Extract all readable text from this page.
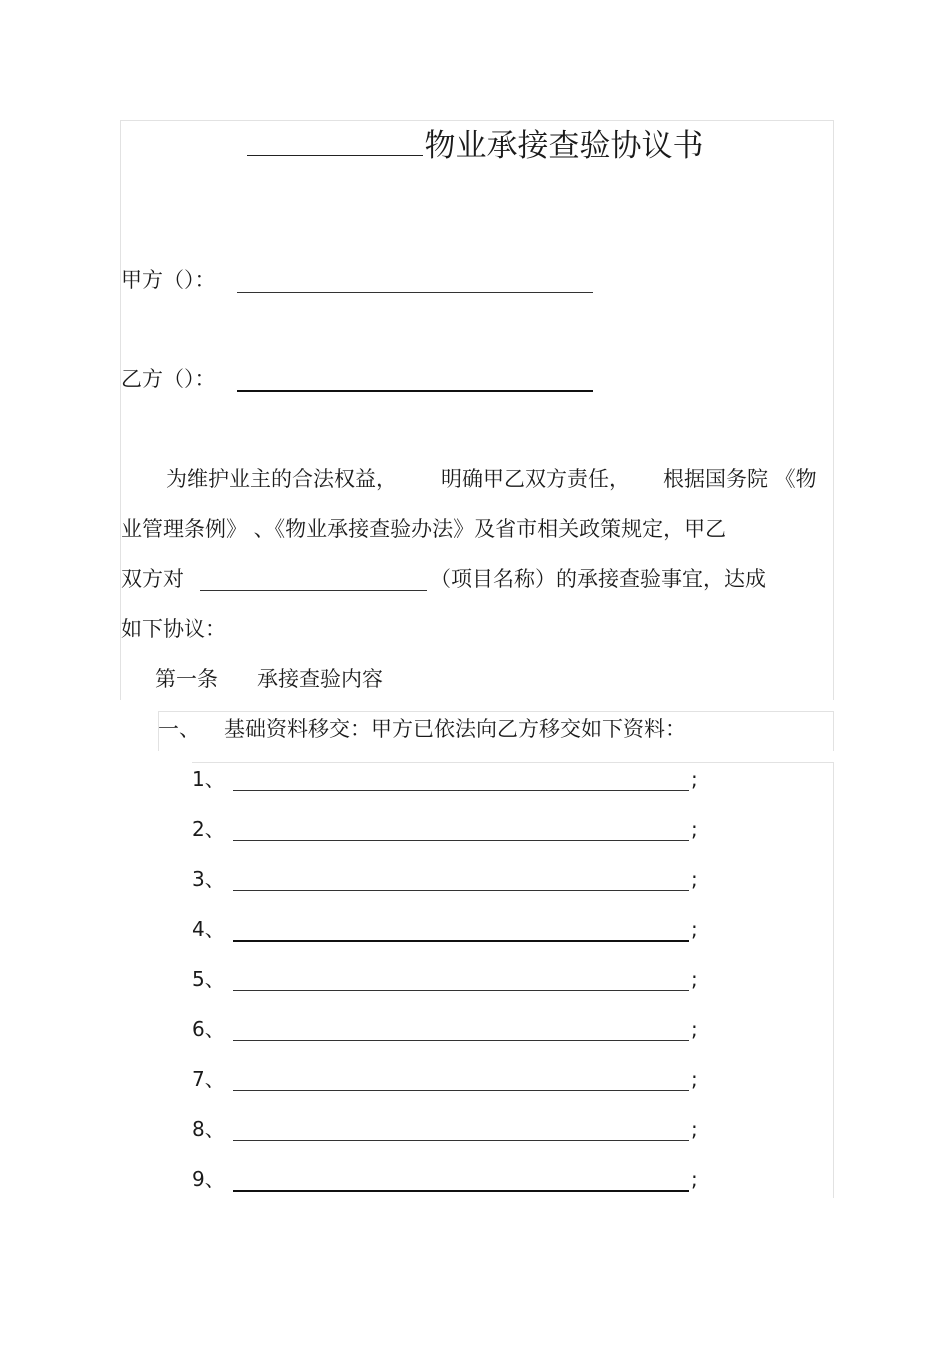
物业承接查验协议书
甲方（）：
乙方（）：
为维护业主的合法权益， 明确甲乙双方责任， 根据国务院 《物
业管理条例》 、《物业承接查验办法》及省市相关政策规定，甲乙
双方对	（项目名称）的承接查验事宜，达成
如下协议：
第一条 承接查验内容
一、 基础资料移交：甲方已依法向乙方移交如下资料：
1、	;
2、	;
3、	;
4、	;
5、	;
6、	;
7、	;
8、	;
9、	;
